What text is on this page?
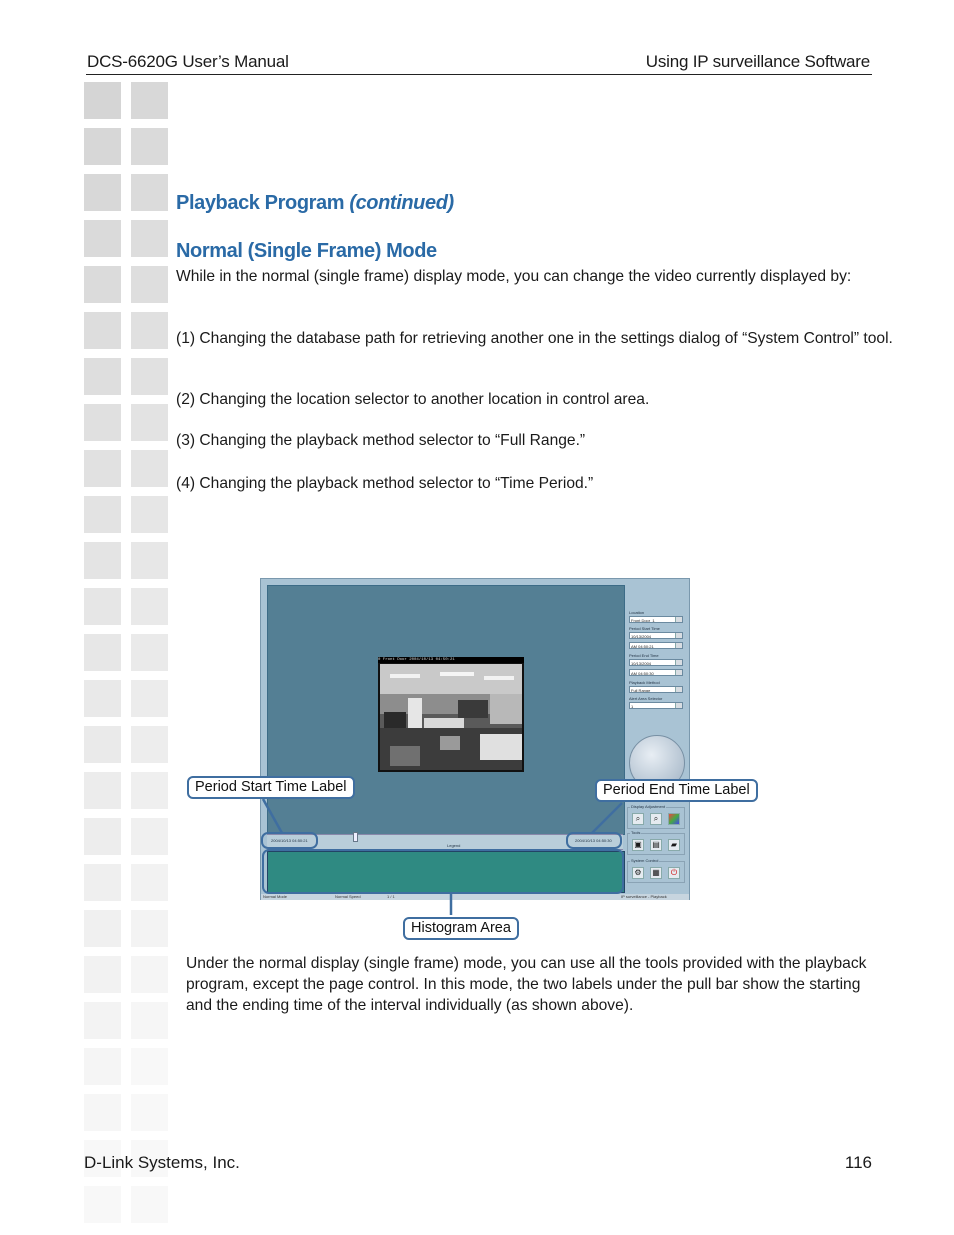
DCS-6620G User’s Manual	Using IP surveillance Software
Playback Program (continued)
Normal (Single Frame) Mode
While in the normal (single frame) display mode, you can change the video currently displayed by:
(1) Changing the database path for retrieving another one in the settings dialog of “System Control” tool.
(2) Changing the location selector to another location in control area.
(3) Changing the playback method selector to “Full Range.”
(4) Changing the playback method selector to “Time Period.”
0 Front Door 2004/10/13 04:50:21
Location
Front Door_1
Period Start Time
10/13/2004
AM 04:50:21
Period End Time
10/13/2004
AM 04:50:30
Playback Method
Full Range
Alert Area Selector
1
Display Adjustment
⌕	⌕
Tools
▣ ▤	▰
System Control
⚙	▦	⏻
2004/10/13 04:50:21
Legend
2004/10/13 04:50:30
Normal Mode	Normal Speed	1 / 1	IP surveillance - Playback
Period Start Time Label	Period End Time Label
Histogram Area
Under the normal display (single frame) mode, you can use all the tools provided with the playback program, except the page control. In this mode, the two labels under the pull bar show the starting and the ending time of the interval individually (as shown above).
D-Link Systems, Inc.	116
